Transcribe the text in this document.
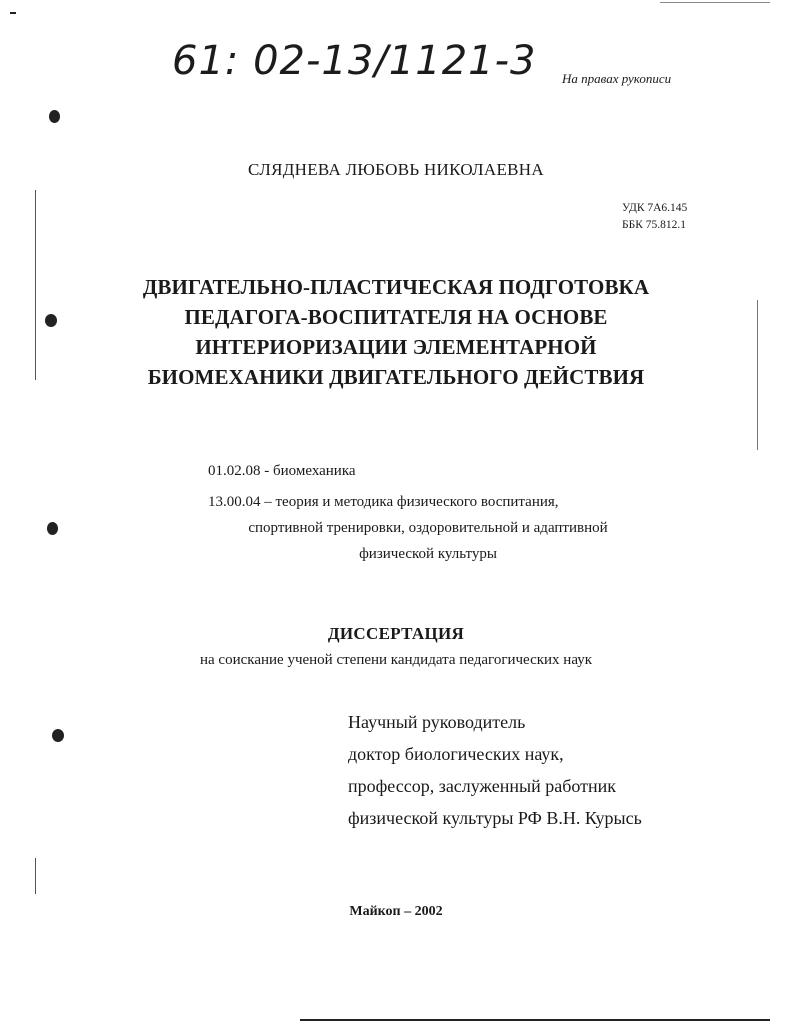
61: 02-13/1121-3 На правах рукописи
СЛЯДНЕВА ЛЮБОВЬ НИКОЛАЕВНА
УДК 7А6.145
ББК 75.812.1
ДВИГАТЕЛЬНО-ПЛАСТИЧЕСКАЯ ПОДГОТОВКА
ПЕДАГОГА-ВОСПИТАТЕЛЯ НА ОСНОВЕ
ИНТЕРИОРИЗАЦИИ ЭЛЕМЕНТАРНОЙ
БИОМЕХАНИКИ ДВИГАТЕЛЬНОГО ДЕЙСТВИЯ
01.02.08 - биомеханика
13.00.04 – теория и методика физического воспитания,
спортивной тренировки, оздоровительной и адаптивной
физической культуры
ДИССЕРТАЦИЯ
на соискание ученой степени кандидата педагогических наук
Научный руководитель
доктор биологических наук,
профессор, заслуженный работник
физической культуры РФ В.Н. Курысь
Майкоп – 2002
